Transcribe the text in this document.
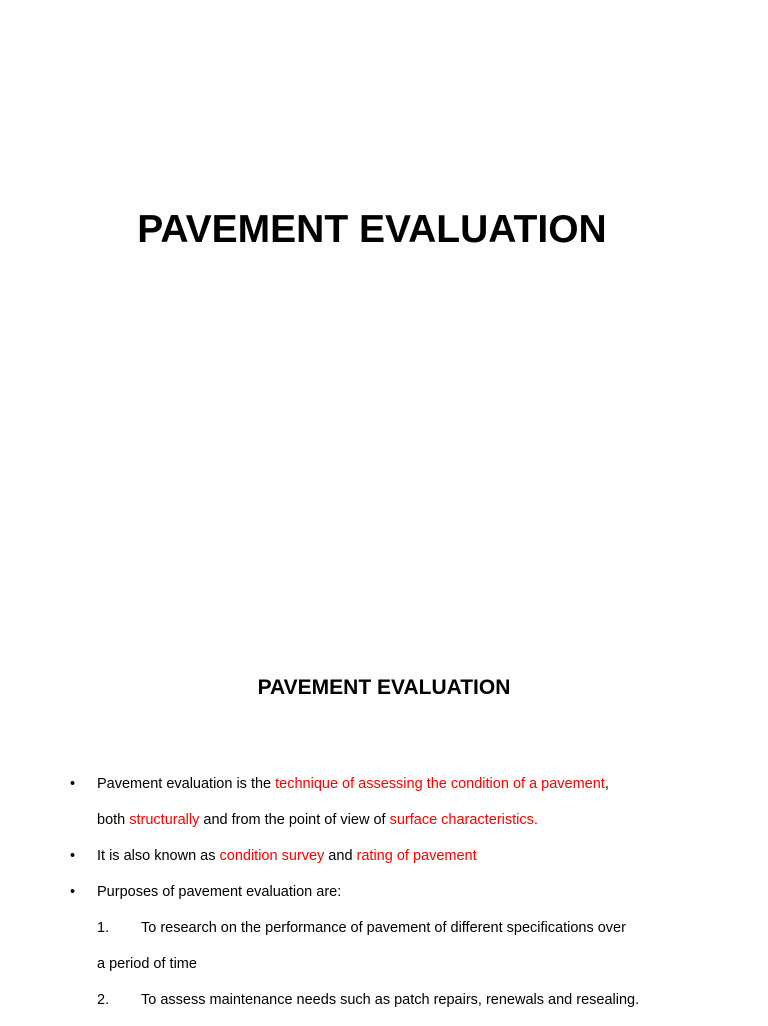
PAVEMENT EVALUATION
PAVEMENT EVALUATION
• Pavement evaluation is the technique of assessing the condition of a pavement,
both structurally and from the point of view of surface characteristics.
• It is also known as condition survey and rating of pavement
• Purposes of pavement evaluation are:
1. To research on the performance of pavement of different specifications over
a period of time
2. To assess maintenance needs such as patch repairs, renewals and resealing.
